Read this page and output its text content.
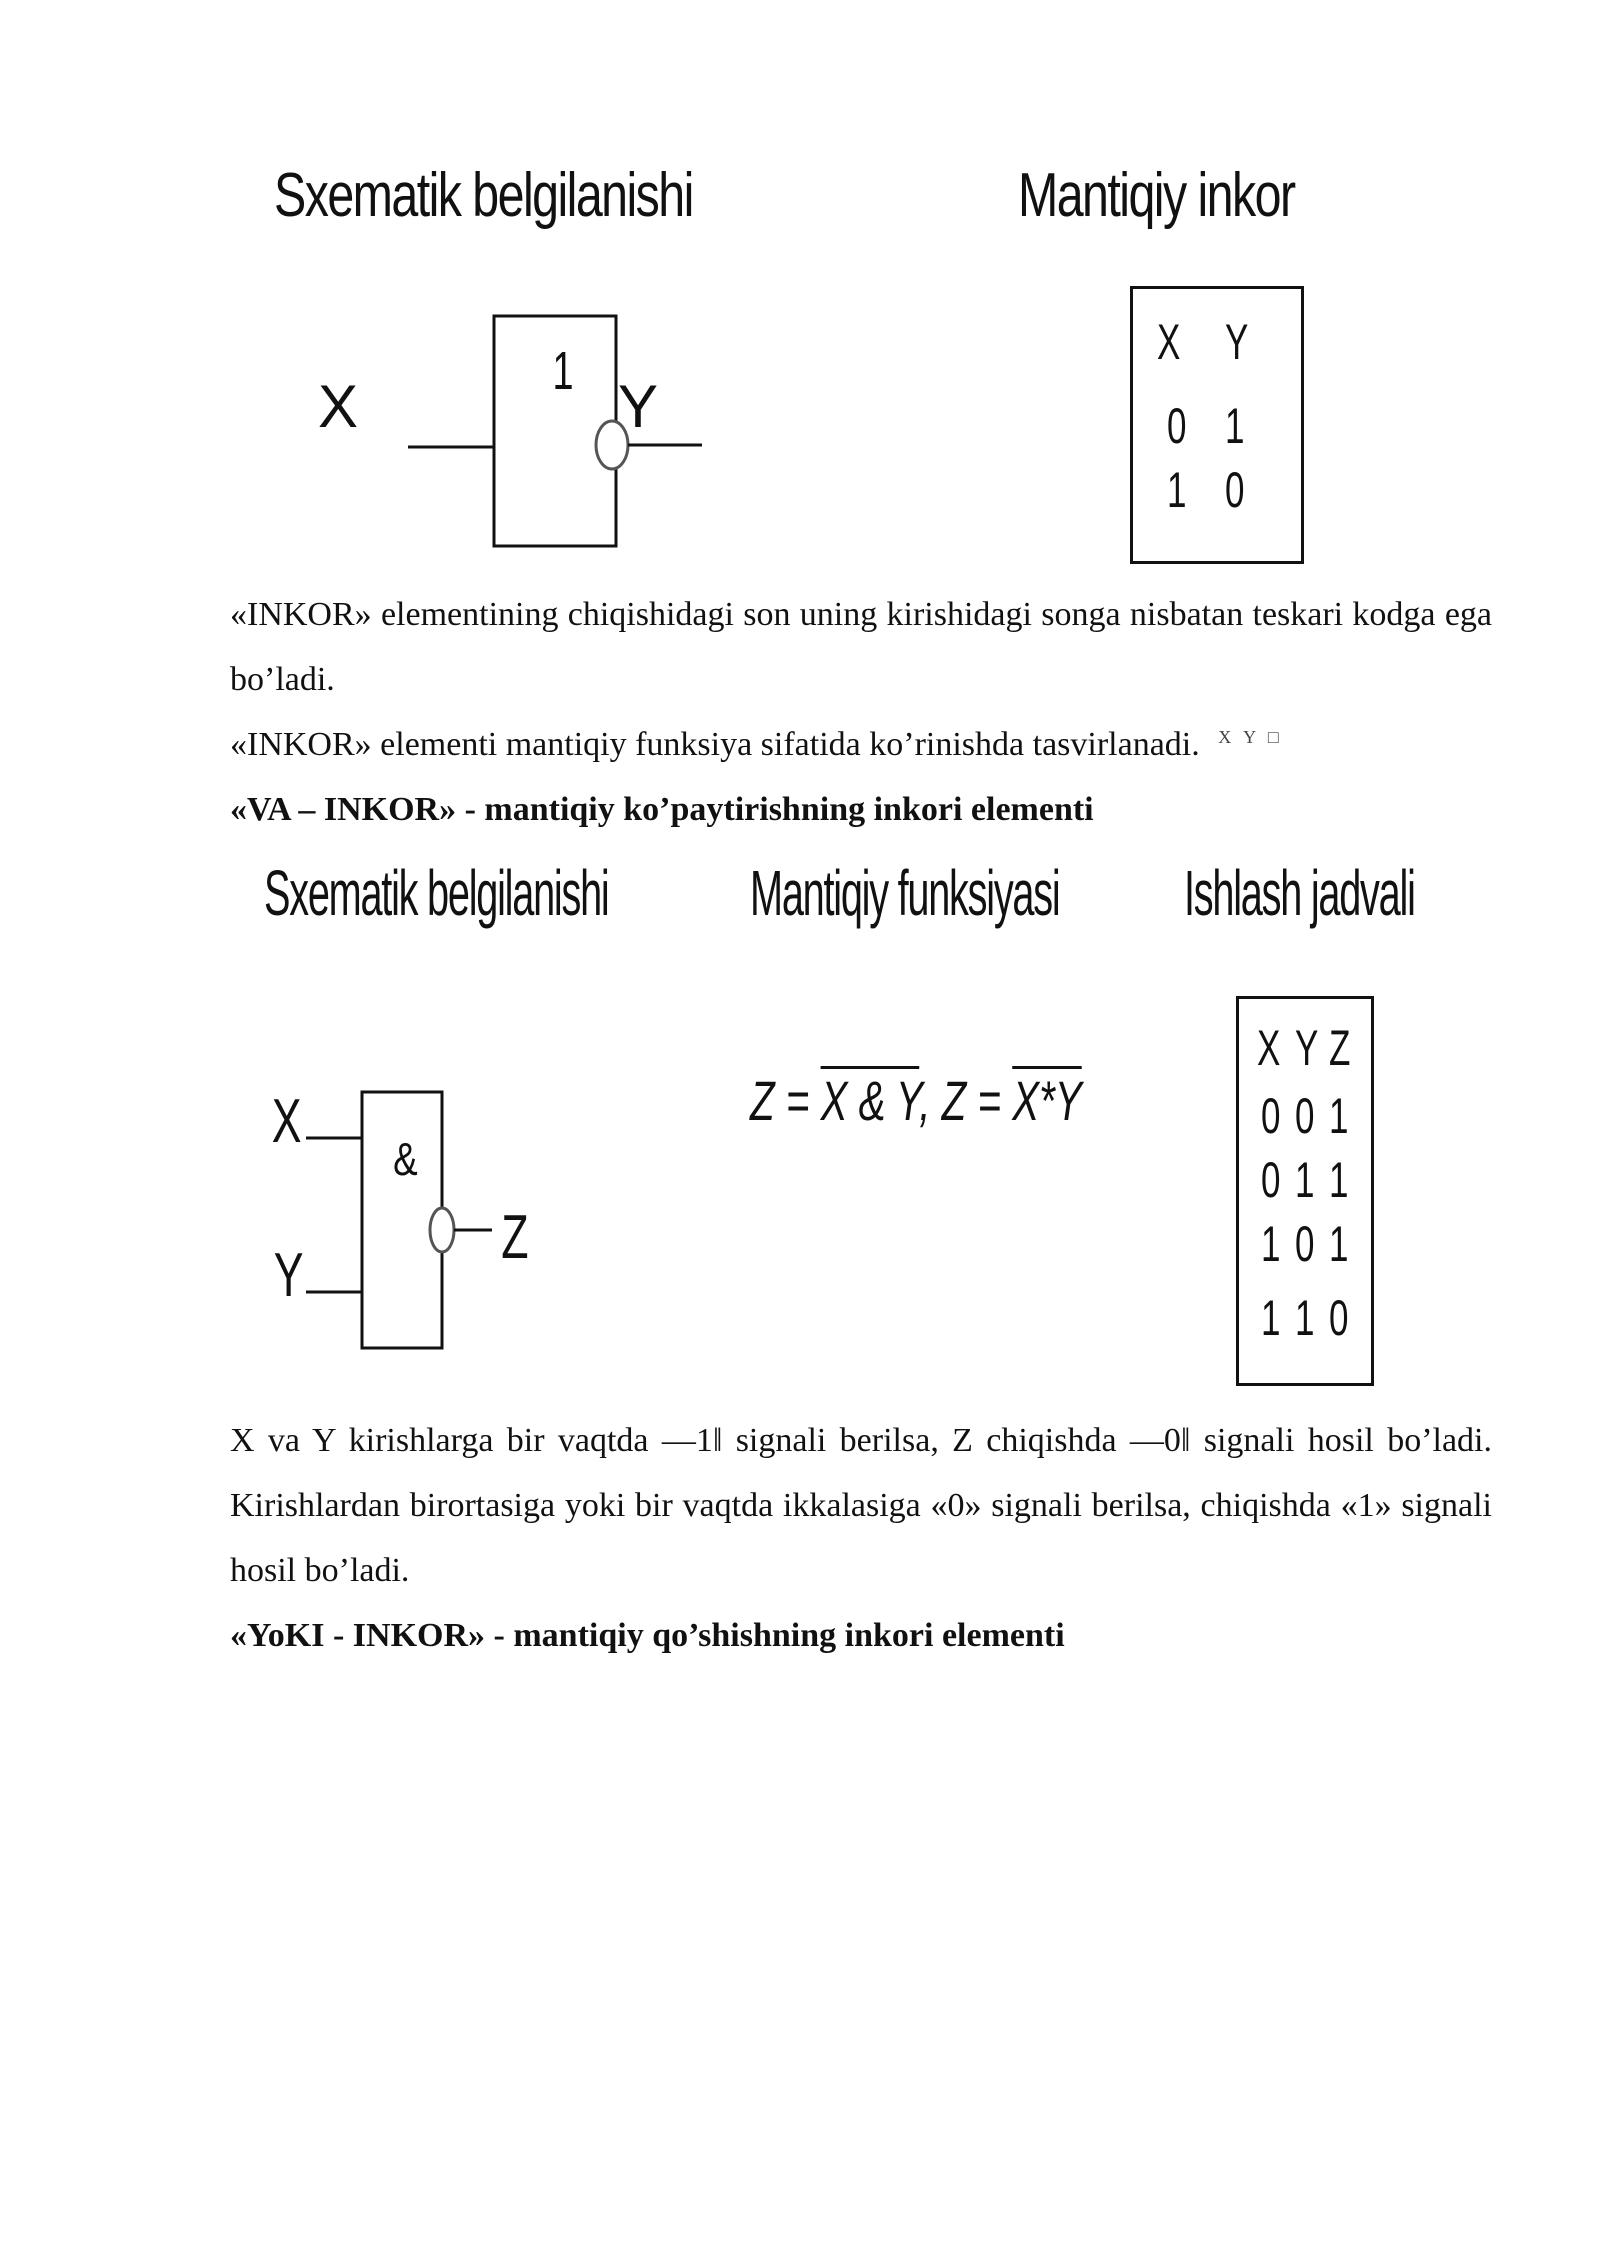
Sxematik belgilanishi	Mantiqiy inkor
X
1
Y
X Y
0 1
1 0
«INKOR» elementining chiqishidagi son uning kirishidagi songa nisbatan teskari kodga ega bo’ladi.
«INKOR» elementi mantiqiy funksiya sifatida ko’rinishda tasvirlanadi. $^{X Y □}$
«VA – INKOR» - mantiqiy ko’paytirishning inkori elementi
Sxematik belgilanishi Mantiqiy funksiyasi Ishlash jadvali
X
Y
&
Z
Z = X & Y, Z = X*Y
X Y Z
0 0 1
0 1 1
1 0 1
1 1 0
X va Y kirishlarga bir vaqtda ―1‖ signali berilsa, Z chiqishda ―0‖ signali hosil bo’ladi. Kirishlardan birortasiga yoki bir vaqtda ikkalasiga «0» signali berilsa, chiqishda «1» signali hosil bo’ladi.
«YoKI - INKOR» - mantiqiy qo’shishning inkori elementi
